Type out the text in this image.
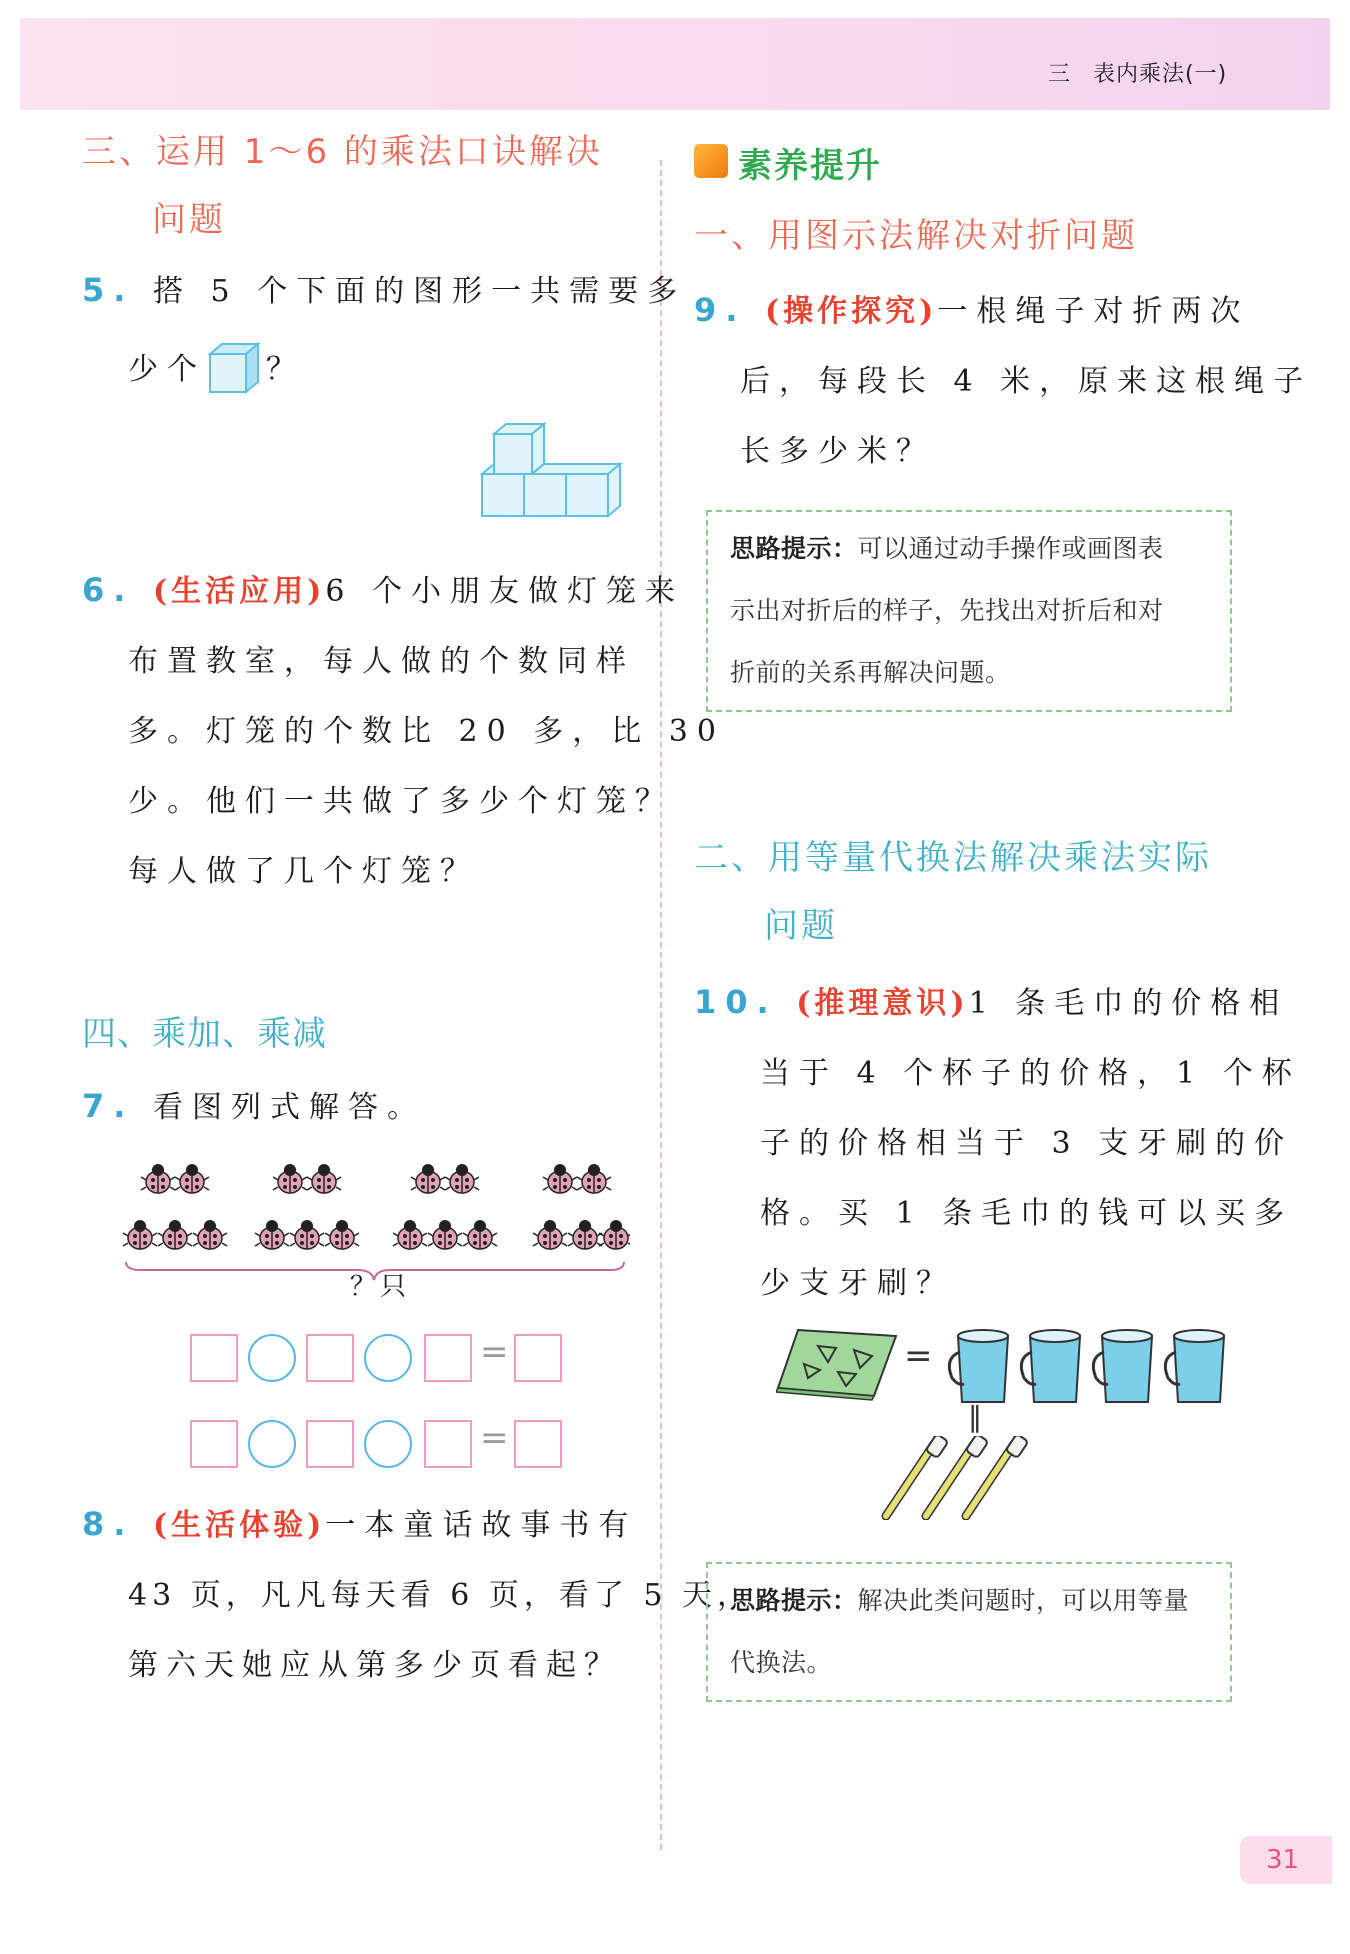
三 表内乘法(一)
三、运用 1～6 的乘法口诀解决
问题
5. 搭 5 个下面的图形一共需要多
少个 ？
6. (生活应用)6 个小朋友做灯笼来
布置教室，每人做的个数同样
多。灯笼的个数比 20 多，比 30
少。他们一共做了多少个灯笼？
每人做了几个灯笼？
四、乘加、乘减
7. 看图列式解答。
？只
=
=
8. (生活体验)一本童话故事书有
43 页，凡凡每天看 6 页，看了 5 天，
第六天她应从第多少页看起？
素养提升
一、用图示法解决对折问题
9. (操作探究)一根绳子对折两次
后，每段长 4 米，原来这根绳子
长多少米？
思路提示：可以通过动手操作或画图表
示出对折后的样子，先找出对折后和对
折前的关系再解决问题。
二、用等量代换法解决乘法实际
问题
10. (推理意识)1 条毛巾的价格相
当于 4 个杯子的价格，1 个杯
子的价格相当于 3 支牙刷的价
格。买 1 条毛巾的钱可以买多
少支牙刷？
=
‖
思路提示：解决此类问题时，可以用等量
代换法。
31
